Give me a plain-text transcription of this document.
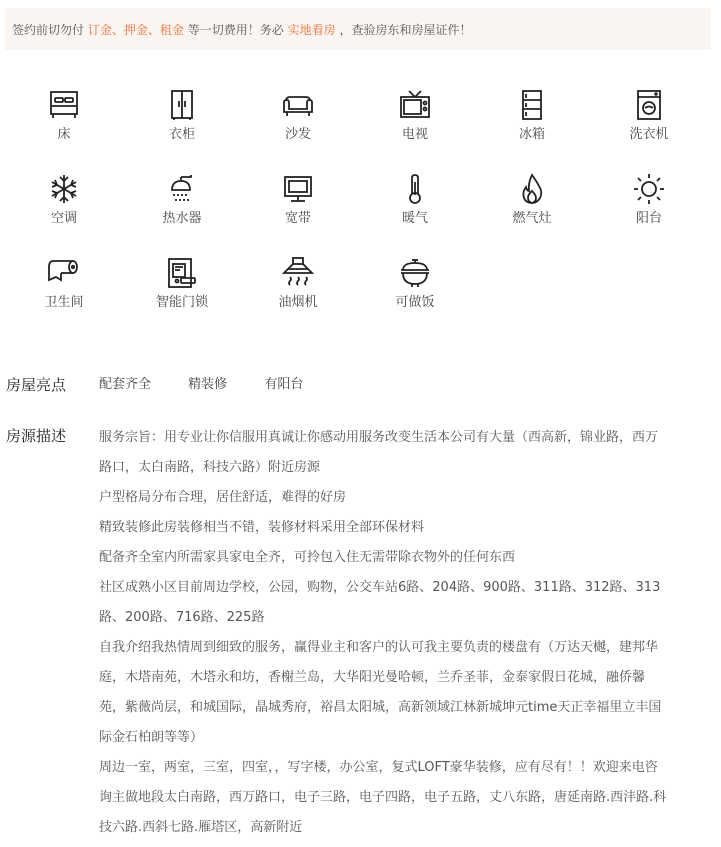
签约前切勿付 订金、押金、租金 等一切费用！务必 实地看房 ，查验房东和房屋证件！
床	衣柜	沙发	电视	冰箱	洗衣机
空调	热水器	宽带	暖气	燃气灶	阳台
卫生间	智能门锁	油烟机	可做饭
房屋亮点	配套齐全	精装修	有阳台
房源描述	服务宗旨：用专业让你信服用真诚让你感动用服务改变生活本公司有大量（西高新，锦业路，西万

路口，太白南路，科技六路）附近房源

户型格局分布合理，居住舒适，难得的好房

精致装修此房装修相当不错，装修材料采用全部环保材料

配备齐全室内所需家具家电全齐，可拎包入住无需带除衣物外的任何东西

社区成熟小区目前周边学校，公园，购物，公交车站6路、204路、900路、311路、312路、313

路、200路、716路、225路

自我介绍我热情周到细致的服务，赢得业主和客户的认可我主要负责的楼盘有（万达天樾，建邦华

庭，木塔南苑，木塔永和坊，香榭兰岛，大华阳光曼哈顿，兰乔圣菲，金泰家假日花城，融侨馨

苑，紫薇尚层，和城国际，晶城秀府，裕昌太阳城，高新领域江林新城坤元time天正幸福里立丰国

际金石柏朗等等）

周边一室，两室，三室，四室，，写字楼，办公室，复式LOFT豪华装修，应有尽有！！欢迎来电咨

询主做地段太白南路，西万路口，电子三路，电子四路，电子五路，丈八东路，唐延南路.西沣路.科

技六路.西斜七路.雁塔区，高新附近
